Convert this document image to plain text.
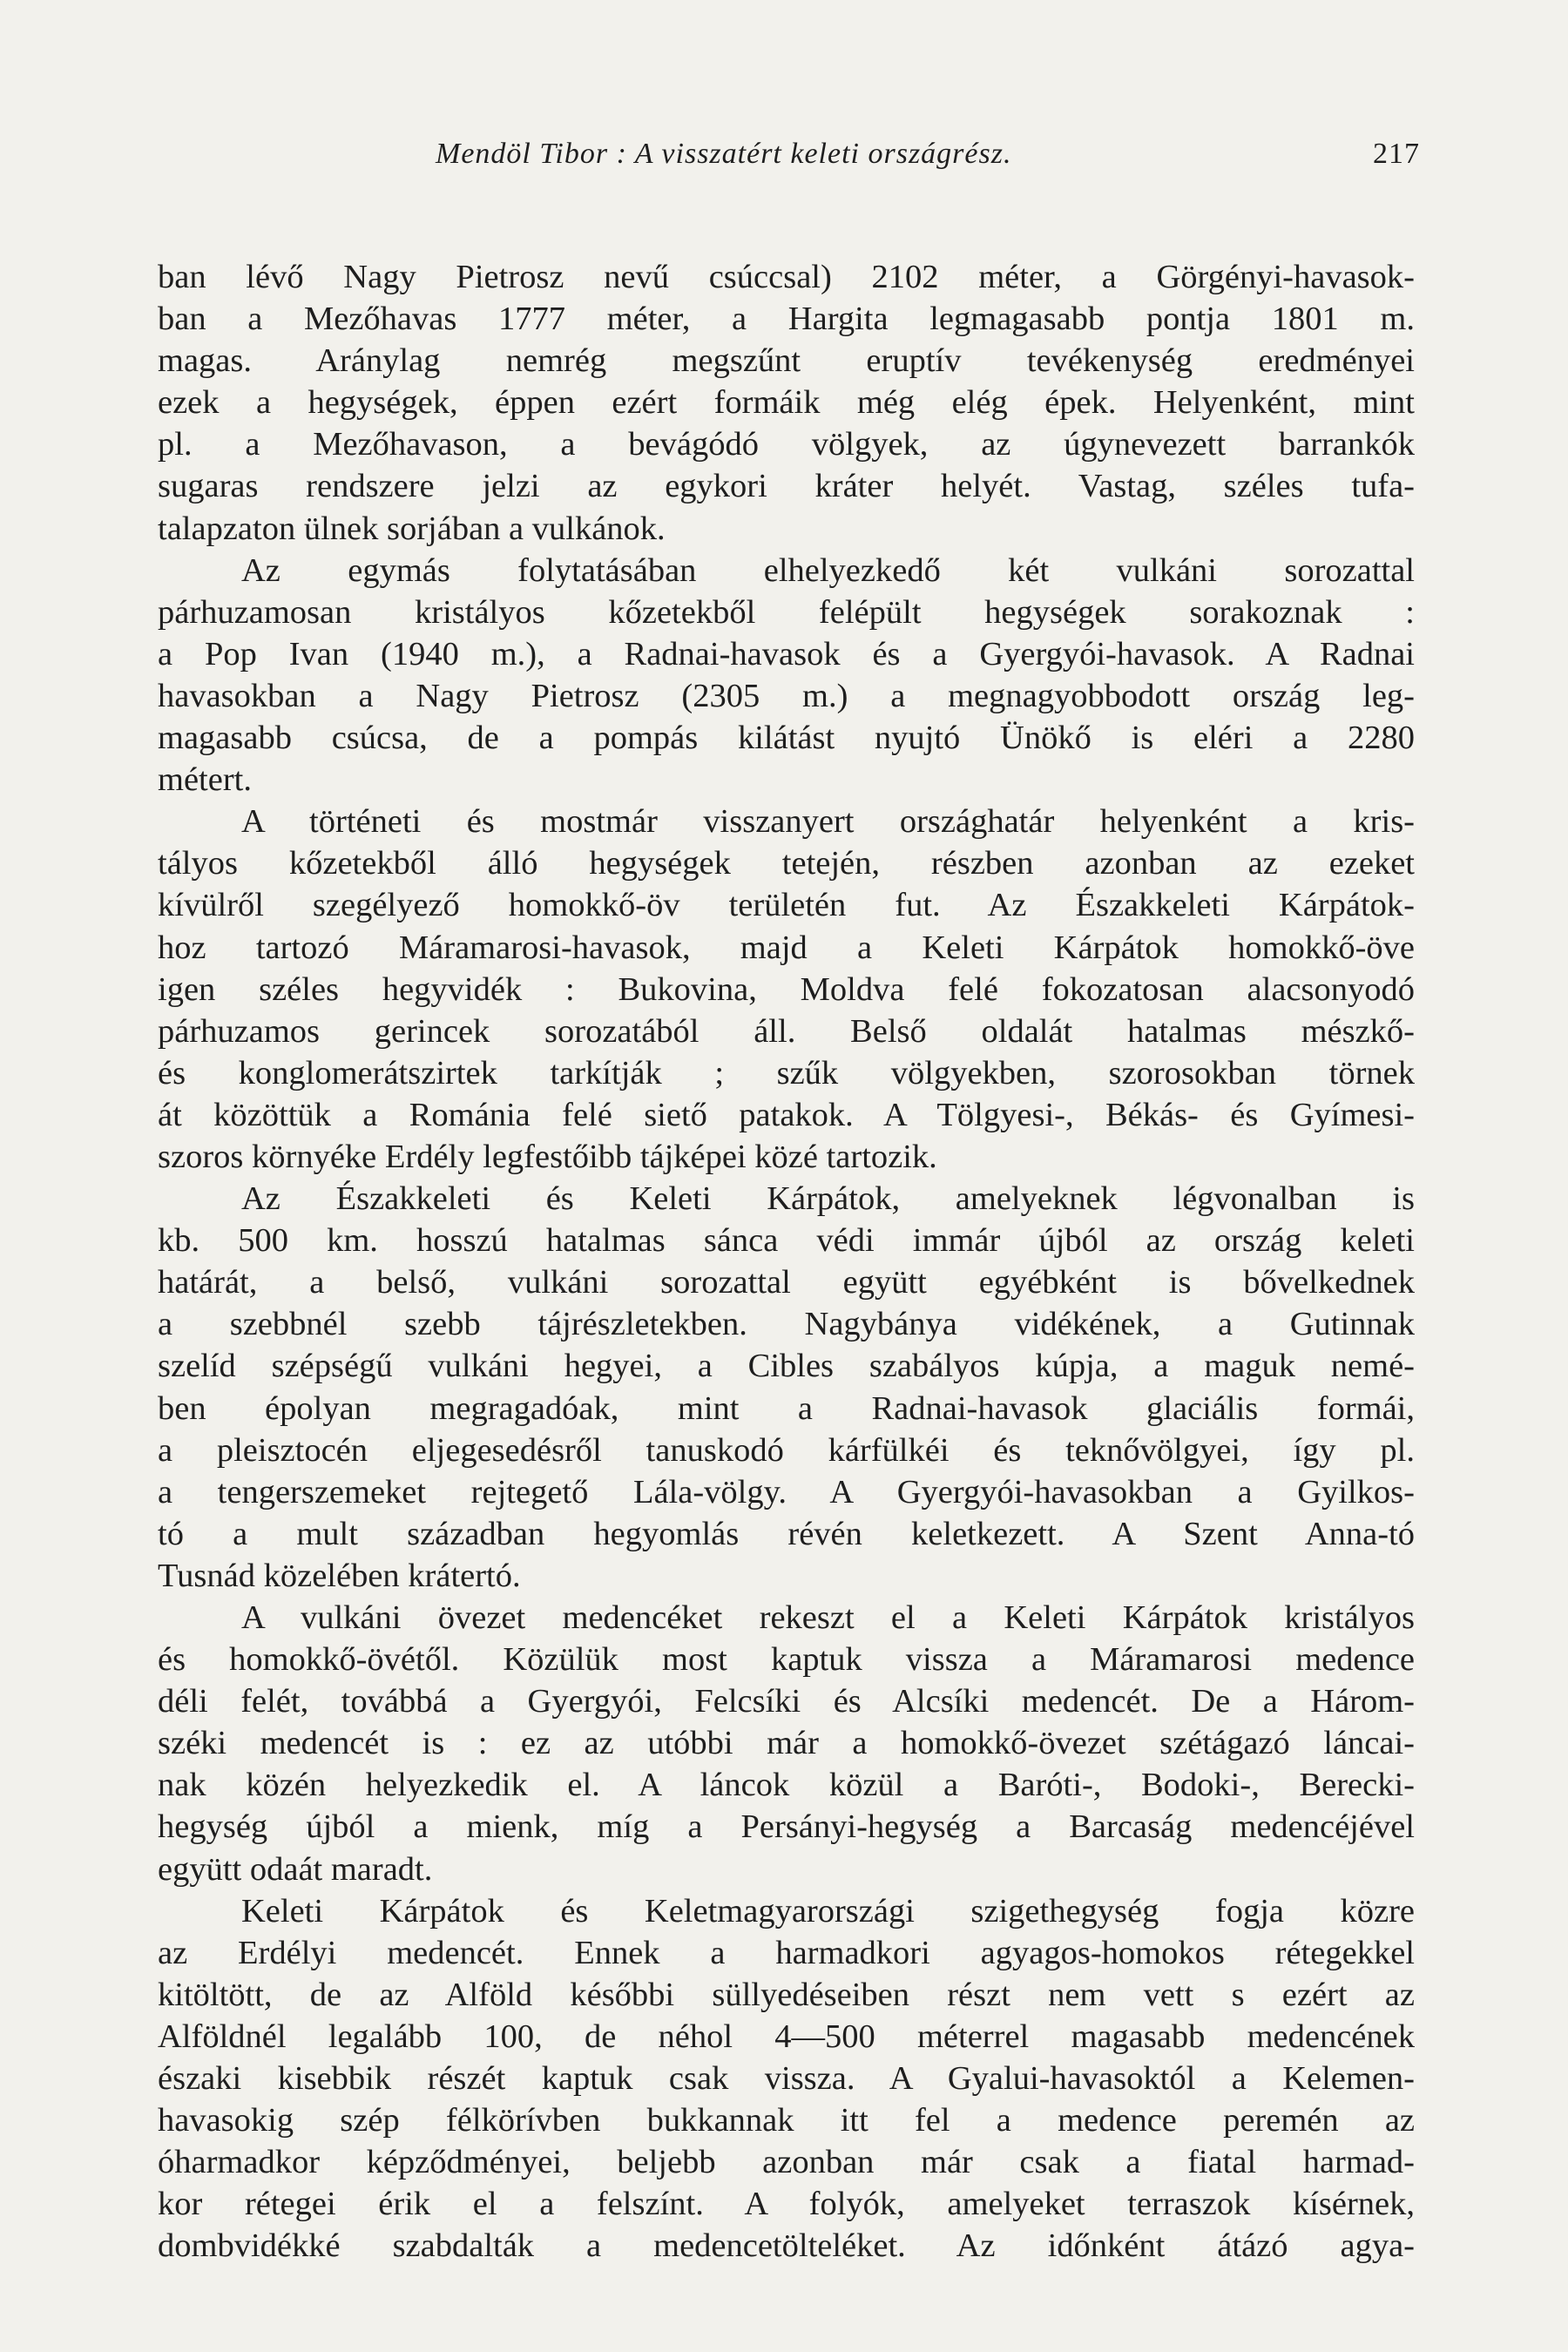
Mendöl Tibor : A visszatért keleti országrész.	217
ban lévő Nagy Pietrosz nevű csúccsal) 2102 méter, a Görgényi-havasok-
ban a Mezőhavas 1777 méter, a Hargita legmagasabb pontja 1801 m.
magas. Aránylag nemrég megszűnt eruptív tevékenység eredményei
ezek a hegységek, éppen ezért formáik még elég épek. Helyenként, mint
pl. a Mezőhavason, a bevágódó völgyek, az úgynevezett barrankók
sugaras rendszere jelzi az egykori kráter helyét. Vastag, széles tufa-
talapzaton ülnek sorjában a vulkánok.
Az egymás folytatásában elhelyezkedő két vulkáni sorozattal
párhuzamosan kristályos kőzetekből felépült hegységek sorakoznak :
a Pop Ivan (1940 m.), a Radnai-havasok és a Gyergyói-havasok. A Radnai
havasokban a Nagy Pietrosz (2305 m.) a megnagyobbodott ország leg-
magasabb csúcsa, de a pompás kilátást nyujtó Ünökő is eléri a 2280
métert.
A történeti és mostmár visszanyert országhatár helyenként a kris-
tályos kőzetekből álló hegységek tetején, részben azonban az ezeket
kívülről szegélyező homokkő-öv területén fut. Az Északkeleti Kárpátok-
hoz tartozó Máramarosi-havasok, majd a Keleti Kárpátok homokkő-öve
igen széles hegyvidék : Bukovina, Moldva felé fokozatosan alacsonyodó
párhuzamos gerincek sorozatából áll. Belső oldalát hatalmas mészkő-
és konglomerátszirtek tarkítják ; szűk völgyekben, szorosokban törnek
át közöttük a Románia felé siető patakok. A Tölgyesi-, Békás- és Gyímesi-
szoros környéke Erdély legfestőibb tájképei közé tartozik.
Az Északkeleti és Keleti Kárpátok, amelyeknek légvonalban is
kb. 500 km. hosszú hatalmas sánca védi immár újból az ország keleti
határát, a belső, vulkáni sorozattal együtt egyébként is bővelkednek
a szebbnél szebb tájrészletekben. Nagybánya vidékének, a Gutinnak
szelíd szépségű vulkáni hegyei, a Cibles szabályos kúpja, a maguk nemé-
ben épolyan megragadóak, mint a Radnai-havasok glaciális formái,
a pleisztocén eljegesedésről tanuskodó kárfülkéi és teknővölgyei, így pl.
a tengerszemeket rejtegető Lála-völgy. A Gyergyói-havasokban a Gyilkos-
tó a mult században hegyomlás révén keletkezett. A Szent Anna-tó
Tusnád közelében krátertó.
A vulkáni övezet medencéket rekeszt el a Keleti Kárpátok kristályos
és homokkő-övétől. Közülük most kaptuk vissza a Máramarosi medence
déli felét, továbbá a Gyergyói, Felcsíki és Alcsíki medencét. De a Három-
széki medencét is : ez az utóbbi már a homokkő-övezet szétágazó láncai-
nak közén helyezkedik el. A láncok közül a Baróti-, Bodoki-, Berecki-
hegység újból a mienk, míg a Persányi-hegység a Barcaság medencéjével
együtt odaát maradt.
Keleti Kárpátok és Keletmagyarországi szigethegység fogja közre
az Erdélyi medencét. Ennek a harmadkori agyagos-homokos rétegekkel
kitöltött, de az Alföld későbbi süllyedéseiben részt nem vett s ezért az
Alföldnél legalább 100, de néhol 4—500 méterrel magasabb medencének
északi kisebbik részét kaptuk csak vissza. A Gyalui-havasoktól a Kelemen-
havasokig szép félkörívben bukkannak itt fel a medence peremén az
óharmadkor képződményei, beljebb azonban már csak a fiatal harmad-
kor rétegei érik el a felszínt. A folyók, amelyeket terraszok kísérnek,
dombvidékké szabdalták a medencetölteléket. Az időnként átázó agya-
